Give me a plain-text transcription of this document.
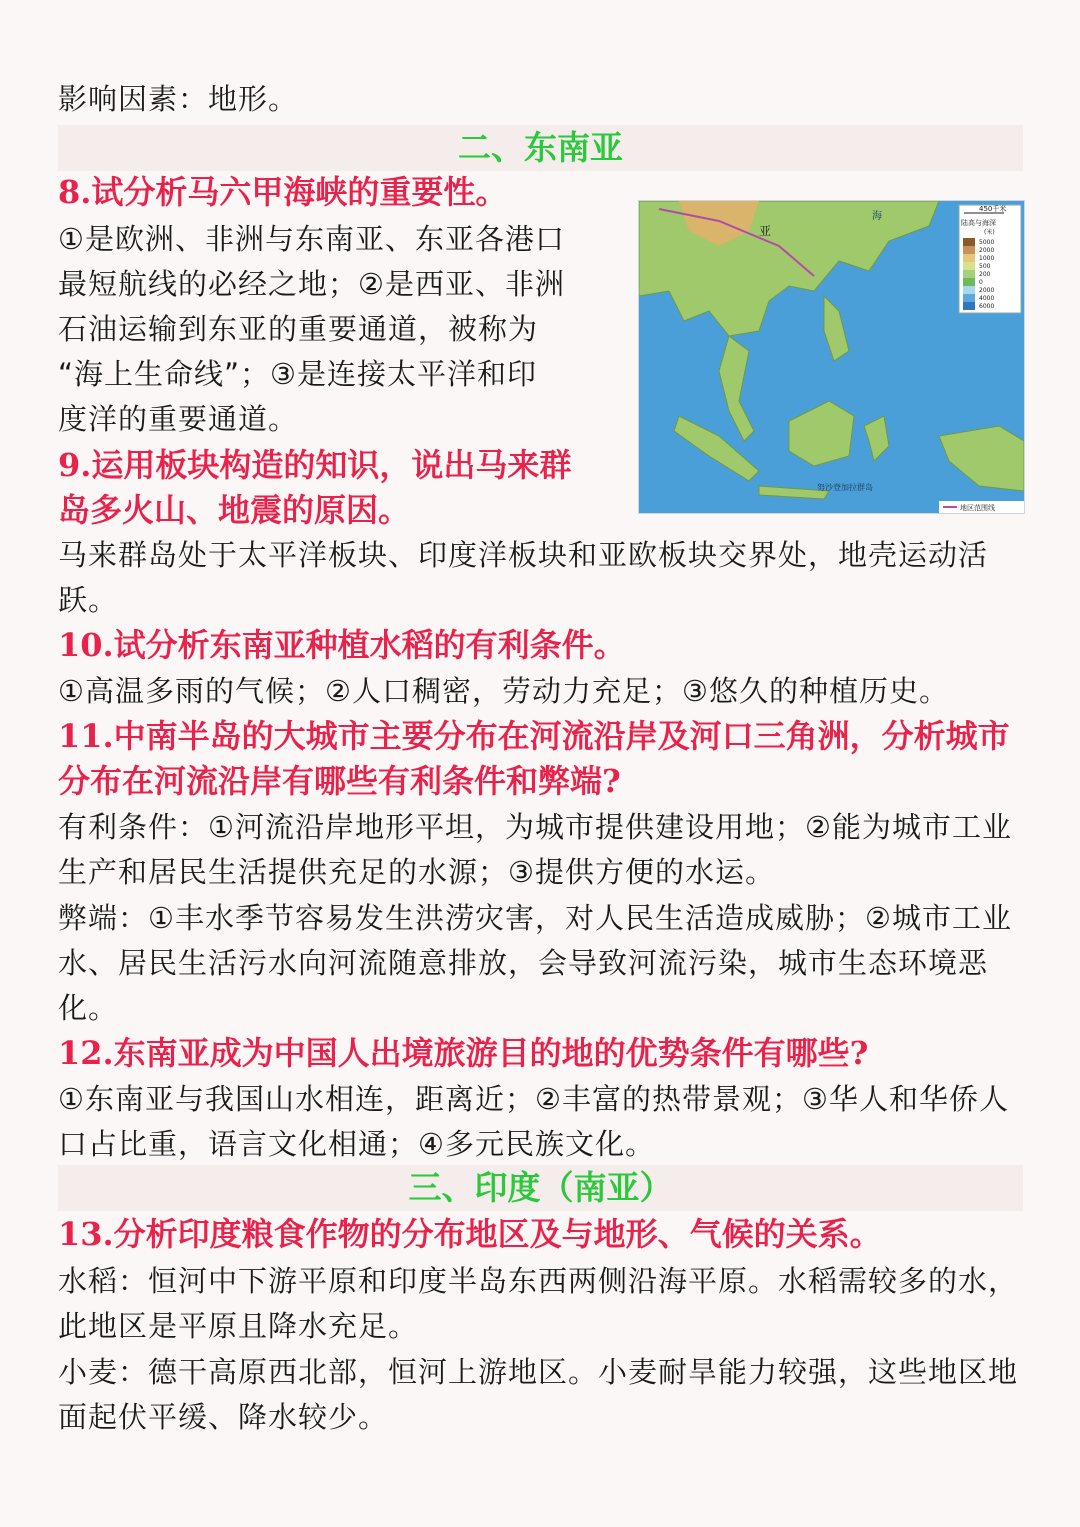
影响因素：地形。
二、东南亚
8.试分析马六甲海峡的重要性。
①是欧洲、非洲与东南亚、东亚各港口
最短航线的必经之地；②是西亚、非洲
石油运输到东亚的重要通道，被称为
“海上生命线”；③是连接太平洋和印
度洋的重要通道。
9.运用板块构造的知识，说出马来群
岛多火山、地震的原因。
马来群岛处于太平洋板块、印度洋板块和亚欧板块交界处，地壳运动活跃。
10.试分析东南亚种植水稻的有利条件。
①高温多雨的气候；②人口稠密，劳动力充足；③悠久的种植历史。
11.中南半岛的大城市主要分布在河流沿岸及河口三角洲，分析城市分布在河流沿岸有哪些有利条件和弊端?
有利条件：①河流沿岸地形平坦，为城市提供建设用地；②能为城市工业生产和居民生活提供充足的水源；③提供方便的水运。
弊端：①丰水季节容易发生洪涝灾害，对人民生活造成威胁；②城市工业水、居民生活污水向河流随意排放，会导致河流污染，城市生态环境恶化。
12.东南亚成为中国人出境旅游目的地的优势条件有哪些?
①东南亚与我国山水相连，距离近；②丰富的热带景观；③华人和华侨人口占比重，语言文化相通；④多元民族文化。
三、印度（南亚）
13.分析印度粮食作物的分布地区及与地形、气候的关系。
水稻：恒河中下游平原和印度半岛东西两侧沿海平原。水稻需较多的水，此地区是平原且降水充足。
小麦：德干高原西北部，恒河上游地区。小麦耐旱能力较强，这些地区地面起伏平缓、降水较少。
亚
海
努沙登加拉群岛
450千米
陆高与海深
(米)
5000
2000
1000
500
200
0
2000
4000
6000
地区范围线
